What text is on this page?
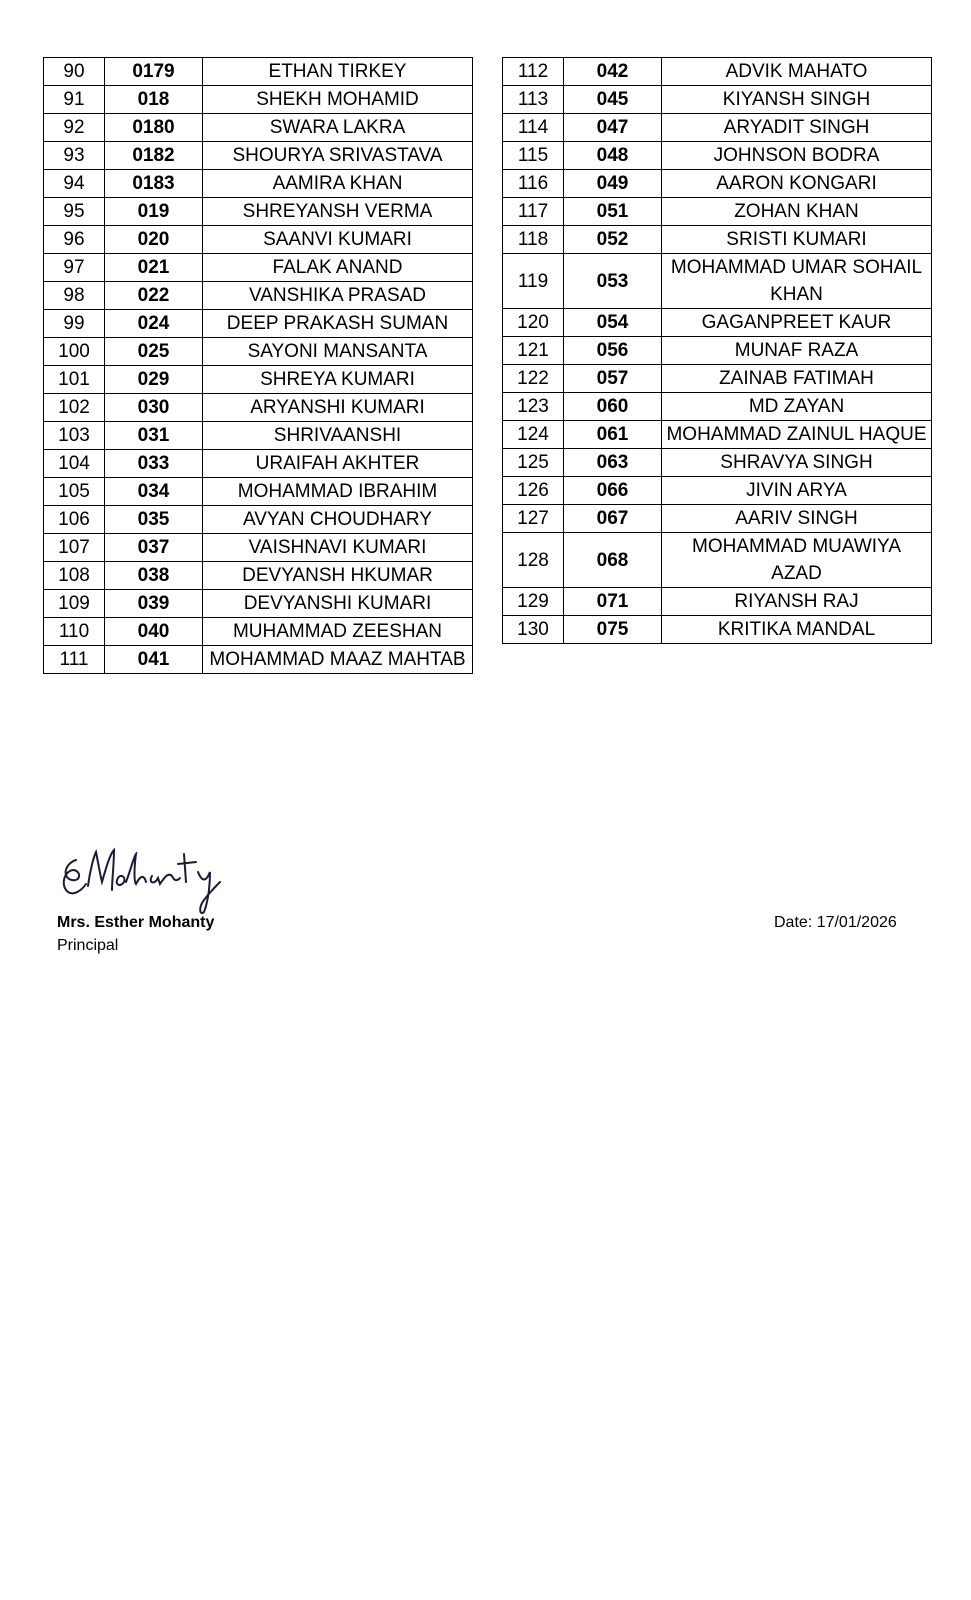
90	0179	ETHAN TIRKEY
91	018	SHEKH MOHAMID
92	0180	SWARA LAKRA
93	0182	SHOURYA SRIVASTAVA
94	0183	AAMIRA KHAN
95	019	SHREYANSH VERMA
96	020	SAANVI KUMARI
97	021	FALAK ANAND
98	022	VANSHIKA PRASAD
99	024	DEEP PRAKASH SUMAN
100	025	SAYONI MANSANTA
101	029	SHREYA KUMARI
102	030	ARYANSHI KUMARI
103	031	SHRIVAANSHI
104	033	URAIFAH AKHTER
105	034	MOHAMMAD IBRAHIM
106	035	AVYAN CHOUDHARY
107	037	VAISHNAVI KUMARI
108	038	DEVYANSH HKUMAR
109	039	DEVYANSHI KUMARI
110	040	MUHAMMAD ZEESHAN
111	041	MOHAMMAD MAAZ MAHTAB
112	042	ADVIK MAHATO
113	045	KIYANSH SINGH
114	047	ARYADIT SINGH
115	048	JOHNSON BODRA
116	049	AARON KONGARI
117	051	ZOHAN KHAN
118	052	SRISTI KUMARI
119	053	MOHAMMAD UMAR SOHAIL KHAN
120	054	GAGANPREET KAUR
121	056	MUNAF RAZA
122	057	ZAINAB FATIMAH
123	060	MD ZAYAN
124	061	MOHAMMAD ZAINUL HAQUE
125	063	SHRAVYA SINGH
126	066	JIVIN ARYA
127	067	AARIV SINGH
128	068	MOHAMMAD MUAWIYA AZAD
129	071	RIYANSH RAJ
130	075	KRITIKA MANDAL
Mrs. Esther Mohanty
Principal
Date: 17/01/2026
